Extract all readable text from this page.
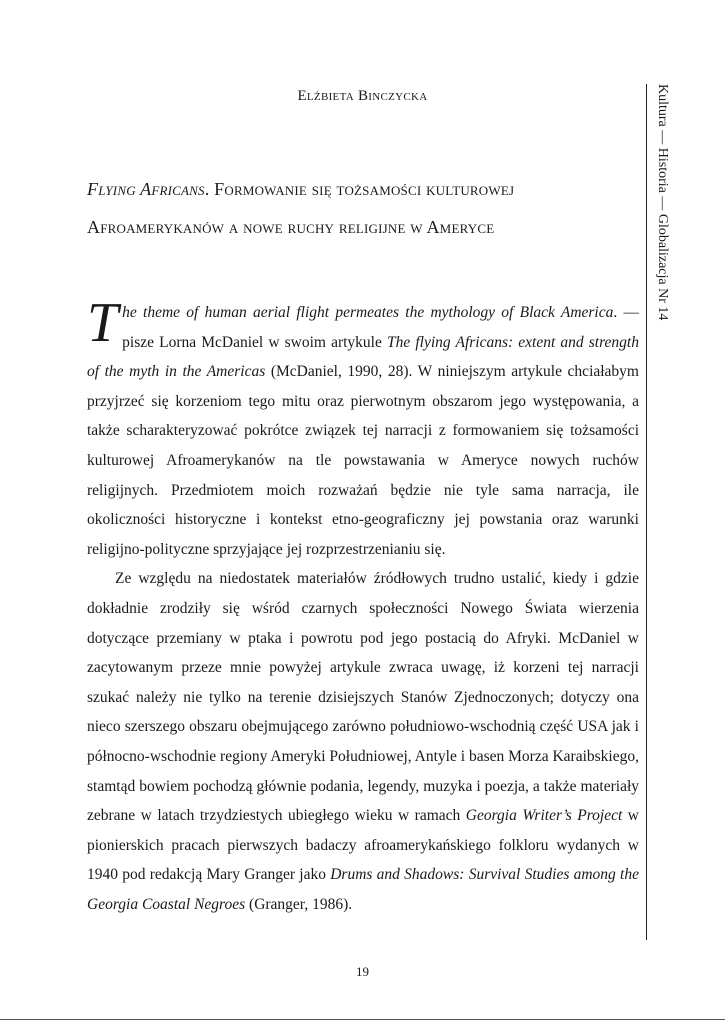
Elżbieta Binczycka
Flying Africans. Formowanie się tożsamości kulturowej Afroamerykanów a nowe ruchy religijne w Ameryce	Kultura — Historia — Globalizacja Nr 14

The theme of human aerial flight permeates the mythology of Black America. — pisze Lorna McDaniel w swoim artykule The flying Africans: extent and strength of the myth in the Americas (McDaniel, 1990, 28). W niniejszym artykule chciałabym przyjrzeć się korzeniom tego mitu oraz pierwotnym obszarom jego występowania, a także scharakteryzować pokrótce związek tej narracji z formowaniem się tożsamości kulturowej Afroamerykanów na tle powstawania w Ameryce nowych ruchów religijnych. Przedmiotem moich rozważań będzie nie tyle sama narracja, ile okoliczności historyczne i kontekst etno-geograficzny jej powstania oraz warunki religijno-polityczne sprzyjające jej rozprzestrzenianiu się.

Ze względu na niedostatek materiałów źródłowych trudno ustalić, kiedy i gdzie dokładnie zrodziły się wśród czarnych społeczności Nowego Świata wierzenia dotyczące przemiany w ptaka i powrotu pod jego postacią do Afryki. McDaniel w zacytowanym przeze mnie powyżej artykule zwraca uwagę, iż korzeni tej narracji szukać należy nie tylko na terenie dzisiejszych Stanów Zjednoczonych; dotyczy ona nieco szerszego obszaru obejmującego zarówno południowo-wschodnią część USA jak i północno-wschodnie regiony Ameryki Południowej, Antyle i basen Morza Karaibskiego, stamtąd bowiem pochodzą głównie podania, legendy, muzyka i poezja, a także materiały zebrane w latach trzydziestych ubiegłego wieku w ramach Georgia Writer’s Project w pionierskich pracach pierwszych badaczy afroamerykańskiego folkloru wydanych w 1940 pod redakcją Mary Granger jako Drums and Shadows: Survival Studies among the Georgia Coastal Negroes (Granger, 1986).

19
